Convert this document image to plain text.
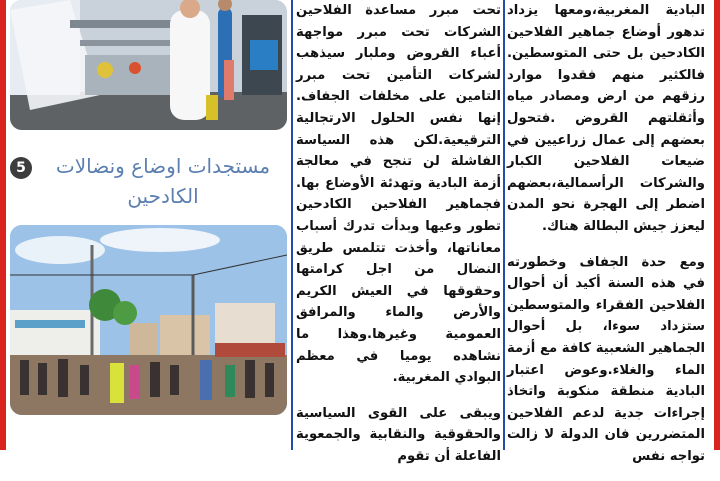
5	مستجدات اوضاع ونضالات الكادحين

تحت مبرر مساعدة الفلاحين الشركات تحت مبرر مواجهة أعباء القروض وملبار سيذهب لشركات التأمين تحت مبرر التامين على مخلفات الجفاف. إنها نفس الحلول الارتجالية الترقيعية.لكن هذه السياسة الفاشلة لن تنجح في معالجة أزمة البادية وتهدئة الأوضاع بها. فجماهير الفلاحين الكادحين تطور وعيها وبدأت تدرك أسباب معاناتها، وأخذت تتلمس طريق النضال من اجل كرامتها وحقوقها في العيش الكريم والأرض والماء والمرافق العمومية وغيرها.وهذا ما نشاهده يوميا في معظم البوادي المغربية.

ويبقى على القوى السياسية والحقوقية والنقابية والجمعوية الفاعلة أن تقوم

البادية المغربية،ومعها يزداد تدهور أوضاع جماهير الفلاحين الكادحين بل حتى المتوسطين. فالكثير منهم فقدوا موارد رزقهم من ارض ومصادر مياه وأثقلتهم القروض .فتحول بعضهم إلى عمال زراعيين في ضيعات الفلاحين الكبار والشركات الرأسمالية،بعضهم اضطر إلى الهجرة نحو المدن ليعزز جيش البطالة هناك.

ومع حدة الجفاف وخطورته في هذه السنة أكيد أن أحوال الفلاحين الفقراء والمتوسطين ستزداد سوءا، بل أحوال الجماهير الشعبية كافة مع أزمة الماء والغلاء.وعوض اعتبار البادية منطقة منكوبة واتخاذ إجراءات جدية لدعم الفلاحين المتضررين فان الدولة لا زالت تواجه نفس
